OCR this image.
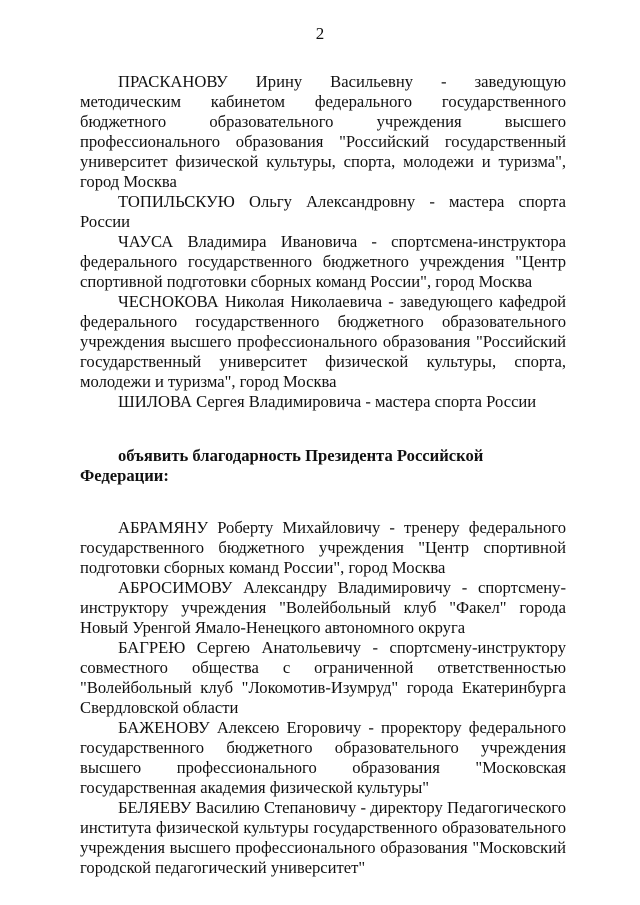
2

ПРАСКАНОВУ Ирину Васильевну - заведующую методическим кабинетом федерального государственного бюджетного образовательного учреждения высшего профессионального образования "Российский государственный университет физической культуры, спорта, молодежи и туризма", город Москва

ТОПИЛЬСКУЮ Ольгу Александровну - мастера спорта России

ЧАУСА Владимира Ивановича - спортсмена-инструктора федерального государственного бюджетного учреждения "Центр спортивной подготовки сборных команд России", город Москва

ЧЕСНОКОВА Николая Николаевича - заведующего кафедрой федерального государственного бюджетного образовательного учреждения высшего профессионального образования "Российский государственный университет физической культуры, спорта, молодежи и туризма", город Москва

ШИЛОВА Сергея Владимировича - мастера спорта России

объявить благодарность Президента Российской Федерации:

АБРАМЯНУ Роберту Михайловичу - тренеру федерального государственного бюджетного учреждения "Центр спортивной подготовки сборных команд России", город Москва

АБРОСИМОВУ Александру Владимировичу - спортсмену-инструктору учреждения "Волейбольный клуб "Факел" города Новый Уренгой Ямало-Ненецкого автономного округа

БАГРЕЮ Сергею Анатольевичу - спортсмену-инструктору совместного общества с ограниченной ответственностью "Волейбольный клуб "Локомотив-Изумруд" города Екатеринбурга Свердловской области

БАЖЕНОВУ Алексею Егоровичу - проректору федерального государственного бюджетного образовательного учреждения высшего профессионального образования "Московская государственная академия физической культуры"

БЕЛЯЕВУ Василию Степановичу - директору Педагогического института физической культуры государственного образовательного учреждения высшего профессионального образования "Московский городской педагогический университет"
